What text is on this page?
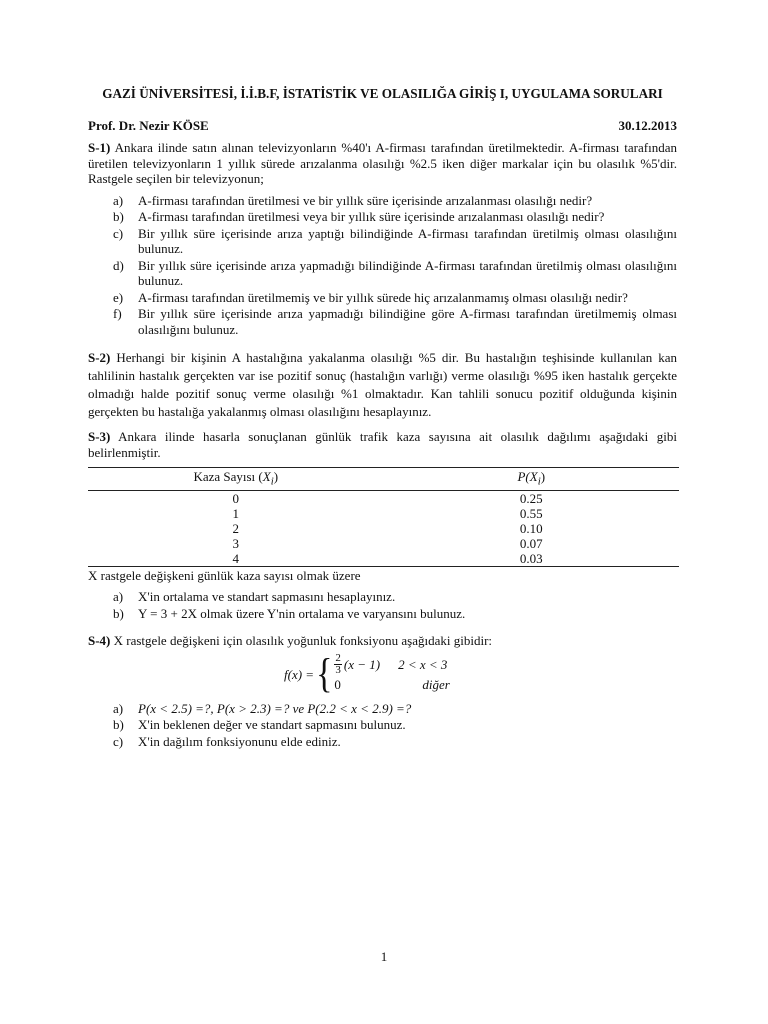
GAZİ ÜNİVERSİTESİ, İ.İ.B.F, İSTATİSTİK VE OLASILIĞA GİRİŞ I, UYGULAMA SORULARI
Prof. Dr. Nezir KÖSE	30.12.2013

S-1) Ankara ilinde satın alınan televizyonların %40'ı A-firması tarafından üretilmektedir. A-firması tarafından üretilen televizyonların 1 yıllık sürede arızalanma olasılığı %2.5 iken diğer markalar için bu olasılık %5'dir. Rastgele seçilen bir televizyonun;

a)	A-firması tarafından üretilmesi ve bir yıllık süre içerisinde arızalanması olasılığı nedir?
b)	A-firması tarafından üretilmesi veya bir yıllık süre içerisinde arızalanması olasılığı nedir?
c)	Bir yıllık süre içerisinde arıza yaptığı bilindiğinde A-firması tarafından üretilmiş olması olasılığını bulunuz.
d)	Bir yıllık süre içerisinde arıza yapmadığı bilindiğinde A-firması tarafından üretilmiş olması olasılığını bulunuz.
e)	A-firması tarafından üretilmemiş ve bir yıllık sürede hiç arızalanmamış olması olasılığı nedir?
f)	Bir yıllık süre içerisinde arıza yapmadığı bilindiğine göre A-firması tarafından üretilmemiş olması olasılığını bulunuz.

S-2) Herhangi bir kişinin A hastalığına yakalanma olasılığı %5 dir. Bu hastalığın teşhisinde kullanılan kan tahlilinin hastalık gerçekten var ise pozitif sonuç (hastalığın varlığı) verme olasılığı %95 iken hastalık gerçekte olmadığı halde pozitif sonuç verme olasılığı %1 olmaktadır. Kan tahlili sonucu pozitif olduğunda kişinin gerçekten bu hastalığa yakalanmış olması olasılığını hesaplayınız.

S-3) Ankara ilinde hasarla sonuçlanan günlük trafik kaza sayısına ait olasılık dağılımı aşağıdaki gibi belirlenmiştir.

Kaza Sayısı $(X_i)$	$P(X_i)$
0	0.25
1	0.55
2	0.10
3	0.07
4	0.03

X rastgele değişkeni günlük kaza sayısı olmak üzere

a)	X'in ortalama ve standart sapmasını hesaplayınız.
b)	Y = 3 + 2X olmak üzere Y'nin ortalama ve varyansını bulunuz.

S-4) X rastgele değişkeni için olasılık yoğunluk fonksiyonu aşağıdaki gibidir:

f(x) = { $\frac{2}{3} (x - 1) 2 < x < 3$
0	diğer
a)	P(x < 2.5) =?, P(x > 2.3) =? ve P(2.2 < x < 2.9) =?
b)	X'in beklenen değer ve standart sapmasını bulunuz.
c)	X'in dağılım fonksiyonunu elde ediniz.
1
